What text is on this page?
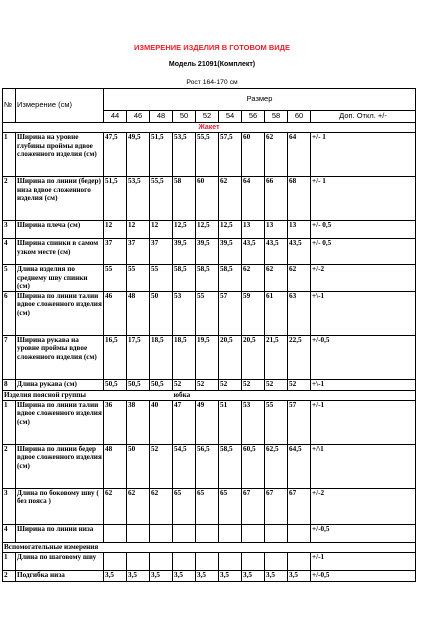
ИЗМЕРЕНИЕ ИЗДЕЛИЯ В ГОТОВОМ ВИДЕ
Модель 21091(Комплект)
Рост 164-170 см
№	Измерение (см)	Размер									
		44	46	48	50	52	54	56	58	60	Доп. Откл. +/-
Жакет											
1	Ширина на уровне глубины проймы вдвое сложенного изделия (см)	47,5	49,5	51,5	53,5	55,5	57,5	60	62	64	+/- 1
2	Ширина по линии (бедер) низа вдвое сложенного изделия (см)	51,5	53,5	55,5	58	60	62	64	66	68	+/- 1
3	Ширина плеча (см)	12	12	12	12,5	12,5	12,5	13	13	13	+/- 0,5
4	Ширина спинки в самом узком месте (см)	37	37	37	39,5	39,5	39,5	43,5	43,5	43,5	+/- 0,5
5	Длина изделия по среднему шву спинки (см)	55	55	55	58,5	58,5	58,5	62	62	62	+/-2
6	Ширина по линии талии вдвое сложенного изделия (см)	46	48	50	53	55	57	59	61	63	+\-1
7	Ширина рукава на уровне проймы вдвое сложенного изделия (см)	16,5	17,5	18,5	18,5	19,5	20,5	20,5	21,5	22,5	+/-0,5
8	Длина рукава (см)	50,5	50,5	50,5	52	52	52	52	52	52	+\-1
Изделия поясной группы					юбка						
1	Ширина по линии талии вдвое сложенного изделия (см)	36	38	40	47	49	51	53	55	57	+/-1
2	Ширина по линии бедер вдвое сложенного изделия (см)	48	50	52	54,5	56,5	58,5	60,5	62,5	64,5	+/\1
3	Длина по боковому шву ( без пояса )	62	62	62	65	65	65	67	67	67	+/-2
4	Ширина по линии низа										+/-0,5
Вспомогательные измерения											
1	Длина по шаговому шву										+/-1
2	Подгибка низа	3,5	3,5	3,5	3,5	3,5	3,5	3,5	3,5	3,5	+/-0,5
